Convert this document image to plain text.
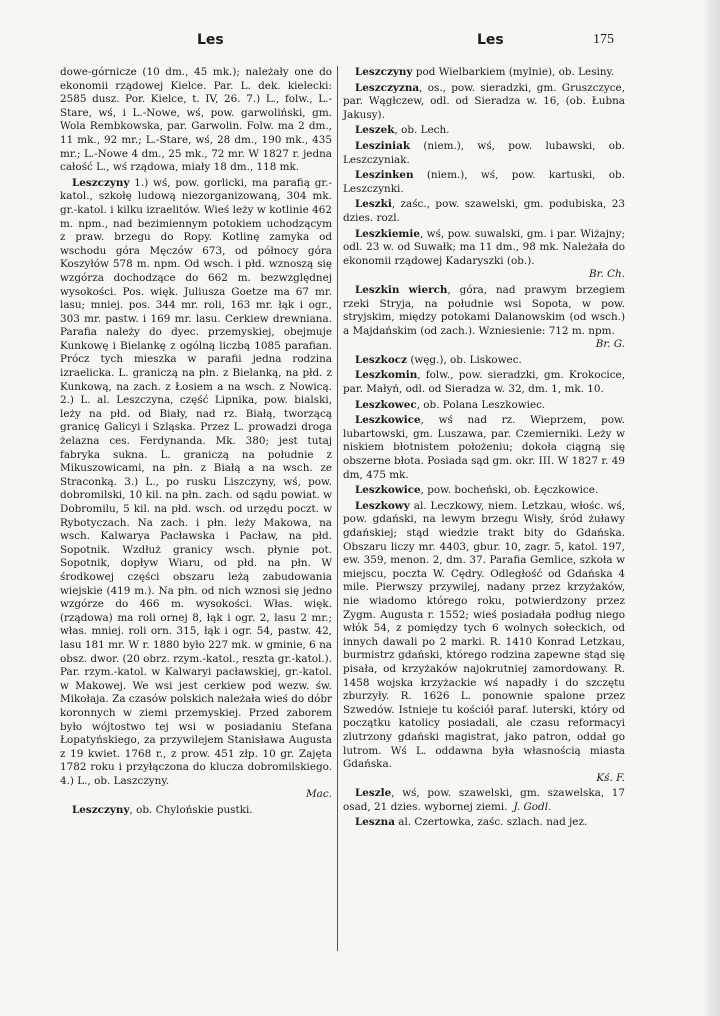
Les	Les	175

dowe-górnicze (10 dm., 45 mk.); należały one do ekonomii rządowej Kielce. Par. L. dek. kielecki: 2585 dusz. Por. Kielce, t. IV, 26. 7.) L., folw., L.-Stare, wś, i L.-Nowe, wś, pow. garwoliński, gm. Wola Rembkowska, par. Garwolin. Folw. ma 2 dm., 11 mk., 92 mr.; L.-Stare, wś, 28 dm., 190 mk., 435 mr.; L.-Nowe 4 dm., 25 mk., 72 mr. W 1827 r. jedna całość L., wś rządowa, miały 18 dm., 118 mk.

Leszczyny 1.) wś, pow. gorlicki, ma parafią gr.-katol., szkołę ludową niezorganizowaną, 304 mk. gr.-katol. i kilku izraelitów. Wieś leży w kotlinie 462 m. npm., nad bezimiennym potokiem uchodzącym z praw. brzegu do Ropy. Kotlinę zamyka od wschodu góra Męczów 673, od północy góra Koszyłów 578 m. npm. Od wsch. i płd. wznoszą się wzgórza dochodzące do 662 m. bezwzględnej wysokości. Pos. więk. Juliusza Goetze ma 67 mr. lasu; mniej. pos. 344 mr. roli, 163 mr. łąk i ogr., 303 mr. pastw. i 169 mr. lasu. Cerkiew drewniana. Parafia należy do dyec. przemyskiej, obejmuje Kunkowę i Bielankę z ogólną liczbą 1085 parafian. Prócz tych mieszka w parafii jedna rodzina izraelicka. L. graniczą na płn. z Bielanką, na płd. z Kunkową, na zach. z Łosiem a na wsch. z Nowicą. 2.) L. al. Leszczyna, część Lipnika, pow. bialski, leży na płd. od Biały, nad rz. Białą, tworzącą granicę Galicyi i Szląska. Przez L. prowadzi droga żelazna ces. Ferdynanda. Mk. 380; jest tutaj fabryka sukna. L. graniczą na południe z Mikuszowicami, na płn. z Białą a na wsch. ze Straconką. 3.) L., po rusku Liszczyny, wś, pow. dobromilski, 10 kil. na płn. zach. od sądu powiat. w Dobromilu, 5 kil. na płd. wsch. od urzędu poczt. w Rybotyczach. Na zach. i płn. leży Makowa, na wsch. Kalwarya Pacławska i Pacław, na płd. Sopotnik. Wzdłuż granicy wsch. płynie pot. Sopotnik, dopływ Wiaru, od płd. na płn. W środkowej części obszaru leżą zabudowania wiejskie (419 m.). Na płn. od nich wznosi się jedno wzgórze do 466 m. wysokości. Włas. więk. (rządowa) ma roli ornej 8, łąk i ogr. 2, lasu 2 mr.; włas. mniej. roli orn. 315, łąk i ogr. 54, pastw. 42, lasu 181 mr. W r. 1880 było 227 mk. w gminie, 6 na obsz. dwor. (20 obrz. rzym.-katol., reszta gr.-katol.). Par. rzym.-katol. w Kalwaryi pacławskiej, gr.-katol. w Makowej. We wsi jest cerkiew pod wezw. św. Mikołaja. Za czasów polskich należała wieś do dóbr koronnych w ziemi przemyskiej. Przed zaborem było wójtostwo tej wsi w posiadaniu Stefana Łopatyńskiego, za przywilejem Stanisława Augusta z 19 kwiet. 1768 r., z prow. 451 złp. 10 gr. Zajęta 1782 roku i przyłączona do klucza dobromilskiego. 4.) L., ob. Laszczyny.
Mac.

Leszczyny, ob. Chylońskie pustki.

Leszczyny pod Wielbarkiem (mylnie), ob. Lesiny.

Leszczyzna, os., pow. sieradzki, gm. Gruszczyce, par. Wągłczew, odl. od Sieradza w. 16, (ob. Łubna Jakusy).

Leszek, ob. Lech.

Lesziniak (niem.), wś, pow. lubawski, ob. Leszczyniak.

Leszinken (niem.), wś, pow. kartuski, ob. Leszczynki.

Leszki, zaśc., pow. szawelski, gm. podubiska, 23 dzies. rozl.

Leszkiemie, wś, pow. suwalski, gm. i par. Wiżajny; odl. 23 w. od Suwałk; ma 11 dm., 98 mk. Należała do ekonomii rządowej Kadaryszki (ob.).
Br. Ch.

Leszkin wierch, góra, nad prawym brzegiem rzeki Stryja, na południe wsi Sopota, w pow. stryjskim, między potokami Dalanowskim (od wsch.) a Majdańskim (od zach.). Wzniesienie: 712 m. npm.
Br. G.

Leszkocz (węg.), ob. Liskowec.

Leszkomin, folw., pow. sieradzki, gm. Krokocice, par. Małyń, odl. od Sieradza w. 32, dm. 1, mk. 10.

Leszkowec, ob. Polana Leszkowiec.

Leszkowice, wś nad rz. Wieprzem, pow. lubartowski, gm. Luszawa, par. Czemierniki. Leży w niskiem błotnistem położeniu; dokoła ciągną się obszerne błota. Posiada sąd gm. okr. III. W 1827 r. 49 dm, 475 mk.

Leszkowice, pow. bocheński, ob. Łęczkowice.

Leszkowy al. Leczkowy, niem. Letzkau, włośc. wś, pow. gdański, na lewym brzegu Wisły, śród żuławy gdańskiej; stąd wiedzie trakt bity do Gdańska. Obszaru liczy mr. 4403, gbur. 10, zagr. 5, katol. 197, ew. 359, menon. 2, dm. 37. Parafia Gemlice, szkoła w miejscu, poczta W. Cędry. Odległość od Gdańska 4 mile. Pierwszy przywilej, nadany przez krzyżaków, nie wiadomo którego roku, potwierdzony przez Zygm. Augusta r. 1552; wieś posiadała podług niego włók 54, z pomiędzy tych 6 wolnych sołeckich, od innych dawali po 2 marki. R. 1410 Konrad Letzkau, burmistrz gdański, którego rodzina zapewne stąd się pisała, od krzyżaków najokrutniej zamordowany. R. 1458 wojska krzyżackie wś napadły i do szczętu zburzyły. R. 1626 L. ponownie spalone przez Szwedów. Istnieje tu kościół paraf. luterski, który od początku katolicy posiadali, ale czasu reformacyi zlutrzony gdański magistrat, jako patron, oddał go lutrom. Wś L. oddawna była własnością miasta Gdańska.
Kś. F.

Leszle, wś, pow. szawelski, gm. szawelska, 17 osad, 21 dzies. wybornej ziemi. J. Godl.

Leszna al. Czertowka, zaśc. szlach. nad jez.
